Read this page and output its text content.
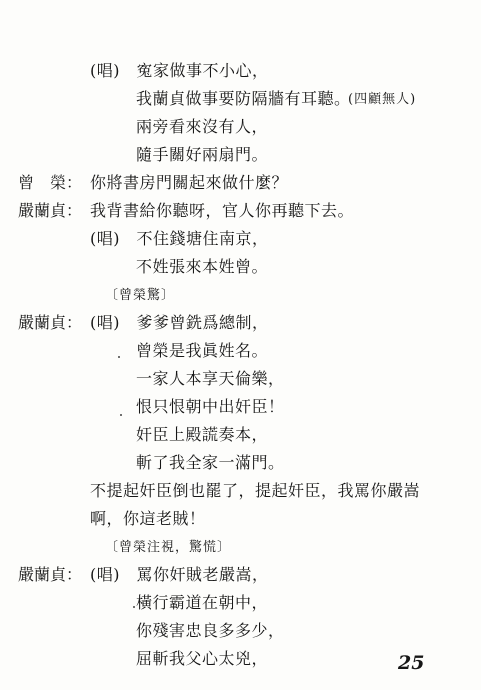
(唱)　寃家做事不小心，
我蘭貞做事要防隔牆有耳聽。
(四顧無人)
兩旁看來沒有人，
隨手關好兩扇門。
曾　榮： 你將書房門關起來做什麼？
嚴蘭貞： 我背書給你聽呀，官人你再聽下去。
(唱)　不住錢塘住南京，
不姓張來本姓曾。
〔曾榮驚〕
嚴蘭貞： (唱)　爹爹曾銑爲總制，
曾榮是我眞姓名。
一家人本享天倫樂，
恨只恨朝中出奸臣！
奸臣上殿謊奏本，
斬了我全家一滿門。
不提起奸臣倒也罷了，提起奸臣，我罵你嚴嵩
啊，你這老賊！
〔曾榮注視，驚慌〕
嚴蘭貞： (唱)　罵你奸賊老嚴嵩，
橫行霸道在朝中，
你殘害忠良多多少，
屈斬我父心太兇，	25
